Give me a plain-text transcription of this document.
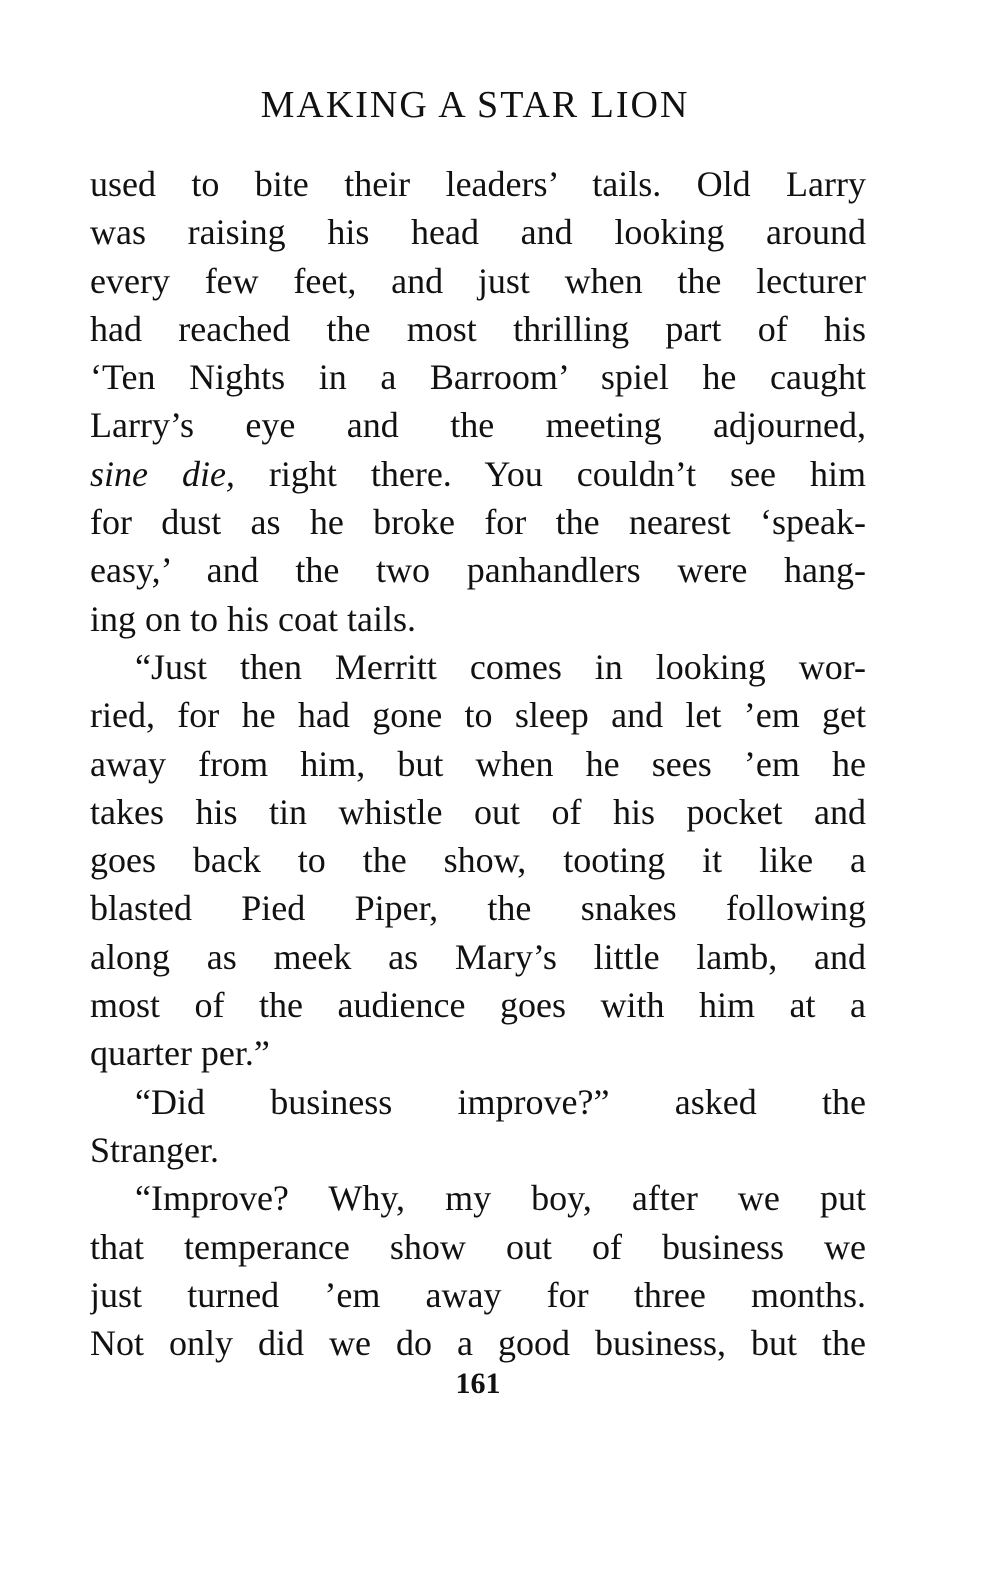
MAKING A STAR LION
used to bite their leaders’ tails. Old Larry
was raising his head and looking around
every few feet, and just when the lecturer
had reached the most thrilling part of his
‘Ten Nights in a Barroom’ spiel he caught
Larry’s eye and the meeting adjourned,
sine die, right there. You couldn’t see him
for dust as he broke for the nearest ‘speak-
easy,’ and the two panhandlers were hang-
ing on to his coat tails.
“Just then Merritt comes in looking wor-
ried, for he had gone to sleep and let ’em get
away from him, but when he sees ’em he
takes his tin whistle out of his pocket and
goes back to the show, tooting it like a
blasted Pied Piper, the snakes following
along as meek as Mary’s little lamb, and
most of the audience goes with him at a
quarter per.”
“Did business improve?” asked the
Stranger.
“Improve? Why, my boy, after we put
that temperance show out of business we
just turned ’em away for three months.
Not only did we do a good business, but the
161
